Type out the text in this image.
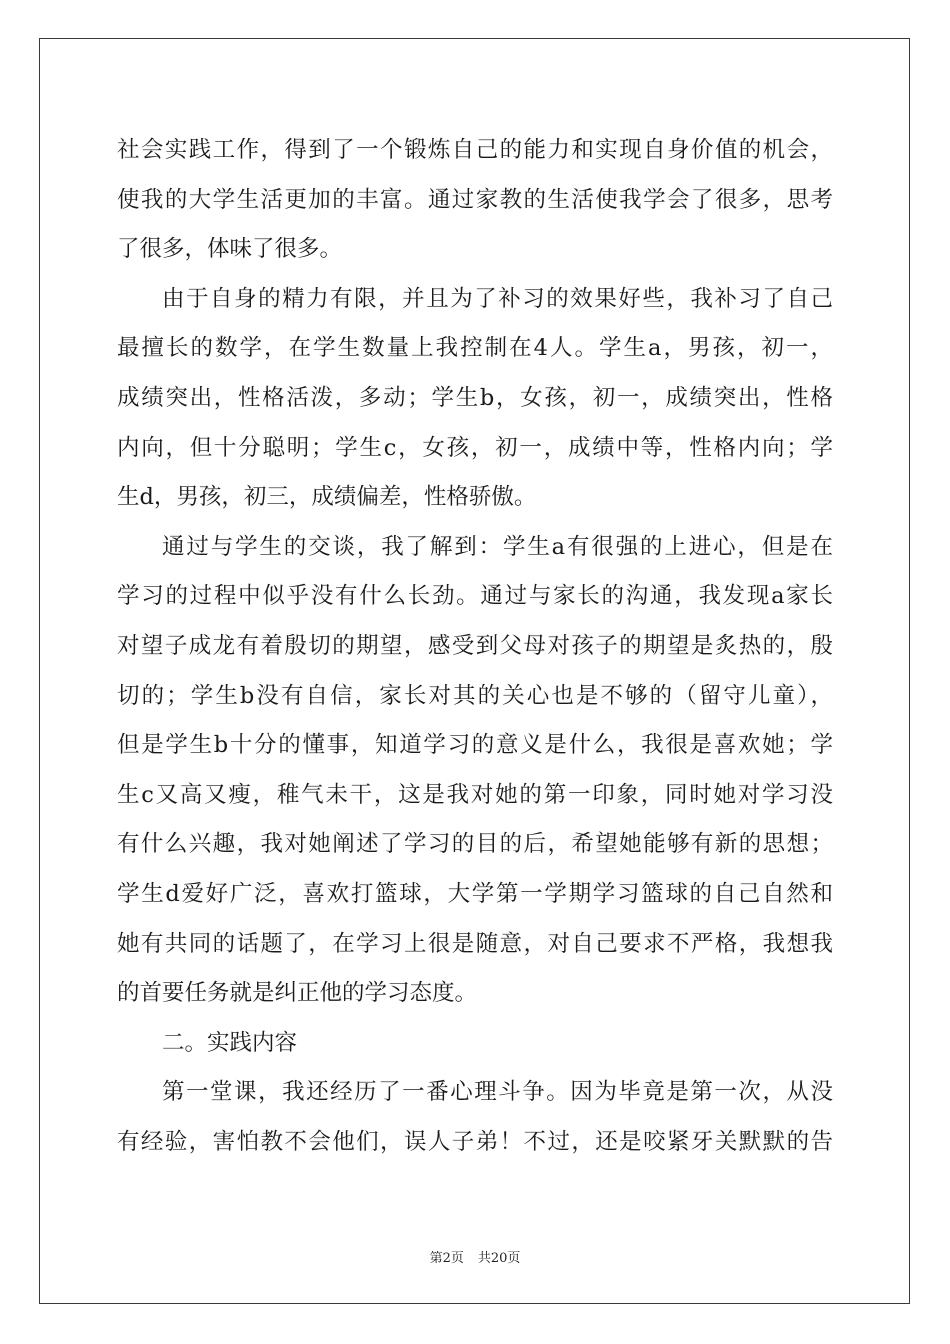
社会实践工作，得到了一个锻炼自己的能力和实现自身价值的机会，
使我的大学生活更加的丰富。通过家教的生活使我学会了很多，思考
了很多，体味了很多。
由于自身的精力有限，并且为了补习的效果好些，我补习了自己
最擅长的数学，在学生数量上我控制在4人。学生a，男孩，初一，
成绩突出，性格活泼，多动；学生b，女孩，初一，成绩突出，性格
内向，但十分聪明；学生c，女孩，初一，成绩中等，性格内向；学
生d，男孩，初三，成绩偏差，性格骄傲。
通过与学生的交谈，我了解到：学生a有很强的上进心，但是在
学习的过程中似乎没有什么长劲。通过与家长的沟通，我发现a家长
对望子成龙有着殷切的期望，感受到父母对孩子的期望是炙热的，殷
切的；学生b没有自信，家长对其的关心也是不够的（留守儿童），
但是学生b十分的懂事，知道学习的意义是什么，我很是喜欢她；学
生c又高又瘦，稚气未干，这是我对她的第一印象，同时她对学习没
有什么兴趣，我对她阐述了学习的目的后，希望她能够有新的思想；
学生d爱好广泛，喜欢打篮球，大学第一学期学习篮球的自己自然和
她有共同的话题了，在学习上很是随意，对自己要求不严格，我想我
的首要任务就是纠正他的学习态度。
二。实践内容
第一堂课，我还经历了一番心理斗争。因为毕竟是第一次，从没
有经验，害怕教不会他们，误人子弟！不过，还是咬紧牙关默默的告
第2页 共20页
